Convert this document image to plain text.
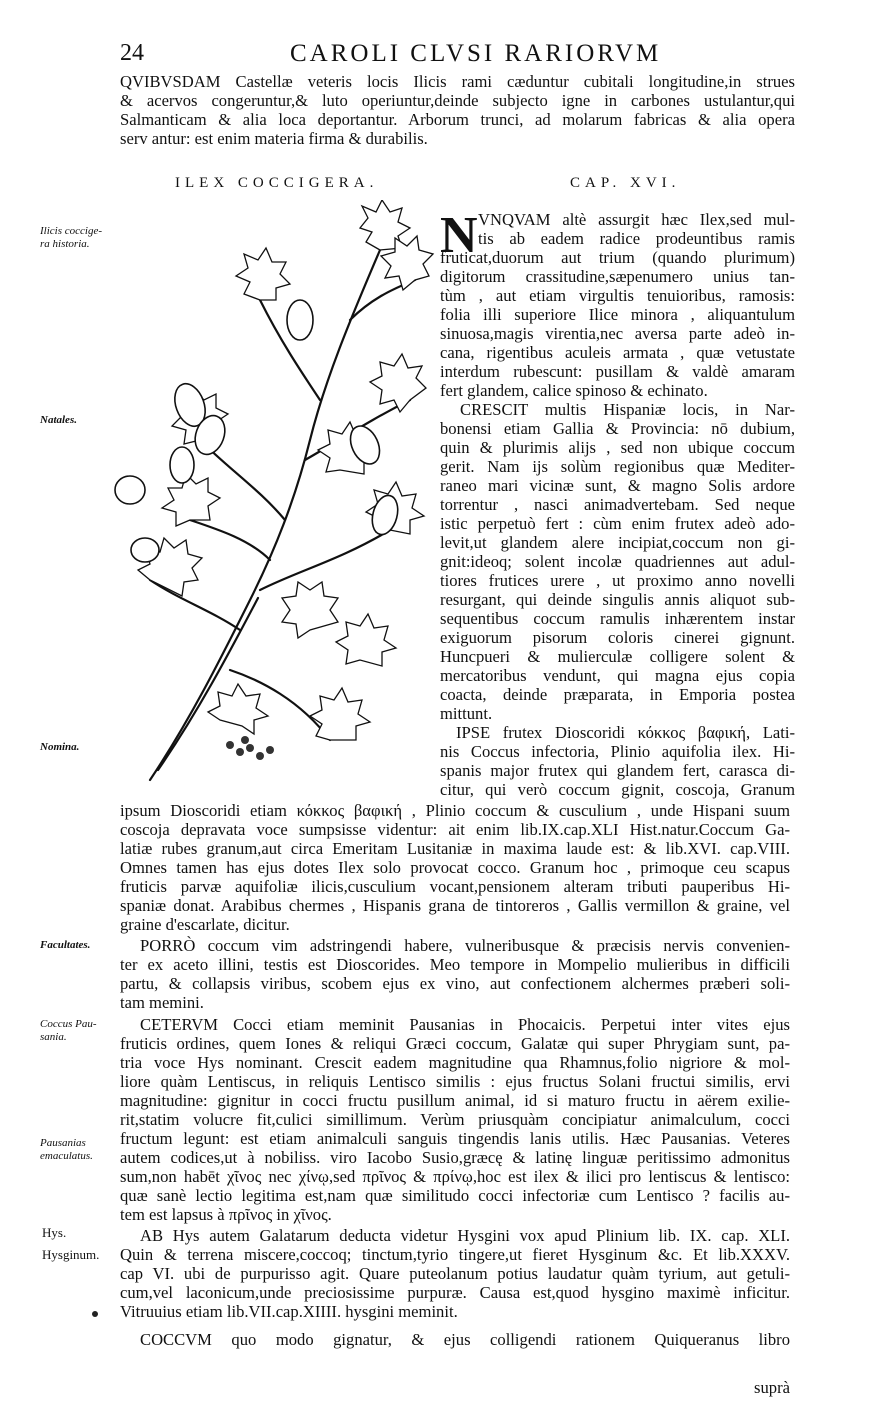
24	CAROLI CLVSI RARIORVM
QVIBVSDAM Castellæ veteris locis Ilicis rami cæduntur cubitali longitudine,in strues
& acervos congeruntur,& luto operiuntur,deinde subjecto igne in carbones ustulantur,qui
Salmanticam & alia loca deportantur. Arborum trunci, ad molarum fabricas & alia opera
serv antur: est enim materia firma & durabilis.
ILEX COCCIGERA.	CAP. XVI.
Ilicis coccige-
ra historia.
Natales.
Nomina.
Facultates.
Coccus Pau-
sania.
Pausanias
emaculatus.
Hys.
Hysginum.
N VNQVAM altè assurgit hæc Ilex,sed mul-
tis ab eadem radice prodeuntibus ramis
fruticat,duorum aut trium (quando plurimum)
digitorum crassitudine,sæpenumero unius tan-
tùm , aut etiam virgultis tenuioribus, ramosis:
folia illi superiore Ilice minora , aliquantulum
sinuosa,magis virentia,nec aversa parte adeò in-
cana, rigentibus aculeis armata , quæ vetustate
interdum rubescunt: pusillam & valdè amaram
fert glandem, calice spinoso & echinato.
CRESCIT multis Hispaniæ locis, in Nar-
bonensi etiam Gallia & Provincia: nō dubium,
quin & plurimis alijs , sed non ubique coccum
gerit. Nam ijs solùm regionibus quæ Mediter-
raneo mari vicinæ sunt, & magno Solis ardore
torrentur , nasci animadvertebam. Sed neque
istic perpetuò fert : cùm enim frutex adeò ado-
levit,ut glandem alere incipiat,coccum non gi-
gnit:ideoq; solent incolæ quadriennes aut adul-
tiores frutices urere , ut proximo anno novelli
resurgant, qui deinde singulis annis aliquot sub-
sequentibus coccum ramulis inhærentem instar
exiguorum pisorum coloris cinerei gignunt.
Huncpueri & mulierculæ colligere solent &
mercatoribus vendunt, qui magna ejus copia
coacta, deinde præparata, in Emporia postea
mittunt.
IPSE frutex Dioscoridi κόκκος βαφική, Lati-
nis Coccus infectoria, Plinio aquifolia ilex. Hi-
spanis major frutex qui glandem fert, carasca di-
citur, qui verò coccum gignit, coscoja, Granum
ipsum Dioscoridi etiam κόκκος βαφική , Plinio coccum & cusculium , unde Hispani suum
coscoja depravata voce sumpsisse videntur: ait enim lib.IX.cap.XLI Hist.natur.Coccum Ga-
latiæ rubes granum,aut circa Emeritam Lusitaniæ in maxima laude est: & lib.XVI. cap.VIII.
Omnes tamen has ejus dotes Ilex solo provocat cocco. Granum hoc , primoque ceu scapus
fruticis parvæ aquifoliæ ilicis,cusculium vocant,pensionem alteram tributi pauperibus Hi-
spaniæ donat. Arabibus chermes , Hispanis grana de tintoreros , Gallis vermillon & graine, vel
graine d'escarlate, dicitur.
PORRÒ coccum vim adstringendi habere, vulneribusque & præcisis nervis convenien-
ter ex aceto illini, testis est Dioscorides. Meo tempore in Mompelio mulieribus in difficili
partu, & collapsis viribus, scobem ejus ex vino, aut confectionem alchermes præberi soli-
tam memini.
CETERVM Cocci etiam meminit Pausanias in Phocaicis. Perpetui inter vites ejus
fruticis ordines, quem Iones & reliqui Græci coccum, Galatæ qui super Phrygiam sunt, pa-
tria voce Hys nominant. Crescit eadem magnitudine qua Rhamnus,folio nigriore & mol-
liore quàm Lentiscus, in reliquis Lentisco similis : ejus fructus Solani fructui similis, ervi
magnitudine: gignitur in cocci fructu pusillum animal, id si maturo fructu in aërem exilie-
rit,statim volucre fit,culici simillimum. Verùm priusquàm concipiatur animalculum, cocci
fructum legunt: est etiam animalculi sanguis tingendis lanis utilis. Hæc Pausanias. Veteres
autem codices,ut à nobiliss. viro Iacobo Susio,græcę & latinę linguæ peritissimo admonitus
sum,non habēt χῖνος nec χίνῳ,sed πρῖνος & πρίνῳ,hoc est ilex & ilici pro lentiscus & lentisco:
quæ sanè lectio legitima est,nam quæ similitudo cocci infectoriæ cum Lentisco ? facilis au-
tem est lapsus à πρῖνος in χῖνος.
AB Hys autem Galatarum deducta videtur Hysgini vox apud Plinium lib. IX. cap. XLI.
Quin & terrena miscere,coccoq; tinctum,tyrio tingere,ut fieret Hysginum &c. Et lib.XXXV.
cap VI. ubi de purpurisso agit. Quare puteolanum potius laudatur quàm tyrium, aut getuli-
cum,vel laconicum,unde preciosissime purpuræ. Causa est,quod hysgino maximè inficitur.
Vitruuius etiam lib.VII.cap.XIIII. hysgini meminit.
COCCVM quo modo gignatur, & ejus colligendi rationem Quiqueranus libro
suprà
